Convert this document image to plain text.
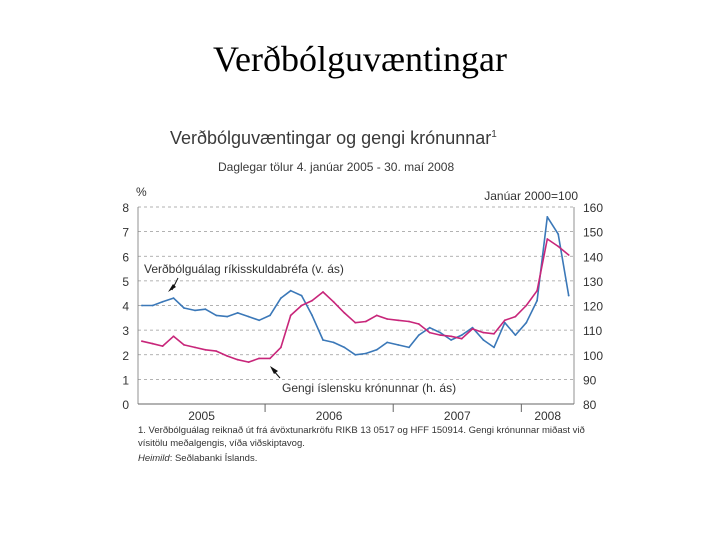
Verðbólguvæntingar
Verðbólguvæntingar og gengi krónunnar$^1$
Daglegar tölur 4. janúar 2005 - 30. maí 2008
0
1
2
3
4
5
6
7
8
80
90
100
110
120
130
140
150
160
%	Janúar 2000=100
2005	2006	2007	2008
Verðbólguálag ríkisskuldabréfa (v. ás)
Gengi íslensku krónunnar (h. ás)
1. Verðbólguálag reiknað út frá ávöxtunarkröfu RIKB 13 0517 og HFF 150914. Gengi krónunnar miðast við vísitölu meðalgengis, víða viðskiptavog.
Heimild: Seðlabanki Íslands.
